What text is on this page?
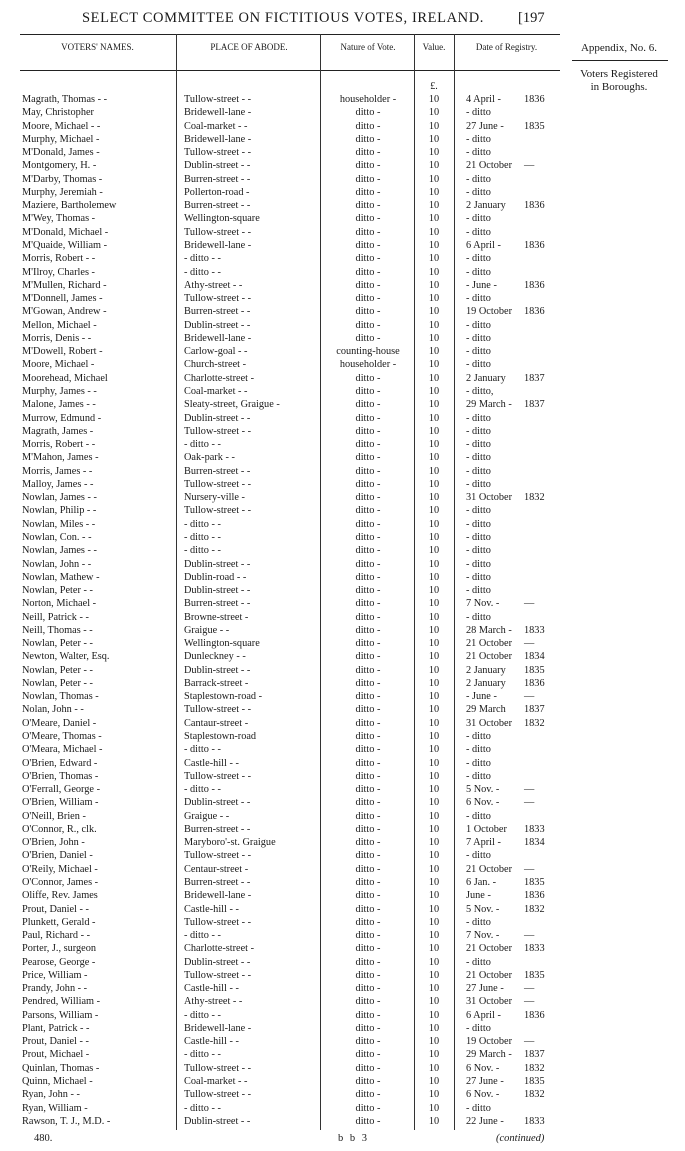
SELECT COMMITTEE ON FICTITIOUS VOTES, IRELAND. [197
VOTERS' NAMES.	PLACE OF ABODE.	Nature of Vote.	Value.	Date of Registry.
£.
Appendix, No. 6.
Voters Registered
in Boroughs.
Magrath, Thomas - -	Tullow-street - -	householder -	10	4 April - 1836
May, Christopher	Bridewell-lane -	ditto -	10	- ditto
Moore, Michael - -	Coal-market - -	ditto -	10	27 June - 1835
Murphy, Michael -	Bridewell-lane -	ditto -	10	- ditto
M'Donald, James -	Tullow-street - -	ditto -	10	- ditto
Montgomery, H. -	Dublin-street - -	ditto -	10	21 October —
M'Darby, Thomas -	Burren-street - -	ditto -	10	- ditto
Murphy, Jeremiah -	Pollerton-road -	ditto -	10	- ditto
Maziere, Bartholemew	Burren-street - -	ditto -	10	2 January 1836
M'Wey, Thomas -	Wellington-square	ditto -	10	- ditto
M'Donald, Michael -	Tullow-street - -	ditto -	10	- ditto
M'Quaide, William -	Bridewell-lane -	ditto -	10	6 April - 1836
Morris, Robert - -	- ditto - -	ditto -	10	- ditto
M'Ilroy, Charles -	- ditto - -	ditto -	10	- ditto
M'Mullen, Richard -	Athy-street - -	ditto -	10	- June -	1836
M'Donnell, James -	Tullow-street - -	ditto -	10	- ditto
M'Gowan, Andrew -	Burren-street - -	ditto -	10	19 October 1836
Mellon, Michael -	Dublin-street - -	ditto -	10	- ditto
Morris, Denis - -	Bridewell-lane -	ditto -	10	- ditto
M'Dowell, Robert -	Carlow-goal - -	counting-house	10	- ditto
Moore, Michael -	Church-street -	householder -	10	- ditto
Moorehead, Michael	Charlotte-street -	ditto -	10	2 January 1837
Murphy, James - -	Coal-market - -	ditto -	10	- ditto,
Malone, James - -	Sleaty-street, Graigue -	ditto -	10	29 March - 1837
Murrow, Edmund -	Dublin-street - -	ditto -	10	- ditto
Magrath, James -	Tullow-street - -	ditto -	10	- ditto
Morris, Robert - -	- ditto - -	ditto -	10	- ditto
M'Mahon, James -	Oak-park - -	ditto -	10	- ditto
Morris, James - -	Burren-street - -	ditto -	10	- ditto
Malloy, James - -	Tullow-street - -	ditto -	10	- ditto
Nowlan, James - -	Nursery-ville -	ditto -	10	31 October 1832
Nowlan, Philip - -	Tullow-street - -	ditto -	10	- ditto
Nowlan, Miles - -	- ditto - -	ditto -	10	- ditto
Nowlan, Con. - -	- ditto - -	ditto -	10	- ditto
Nowlan, James - -	- ditto - -	ditto -	10	- ditto
Nowlan, John - -	Dublin-street - -	ditto -	10	- ditto
Nowlan, Mathew -	Dublin-road - -	ditto -	10	- ditto
Nowlan, Peter - -	Dublin-street - -	ditto -	10	- ditto
Norton, Michael -	Burren-street - -	ditto -	10	7 Nov. - —
Neill, Patrick - -	Browne-street -	ditto -	10	- ditto
Neill, Thomas - -	Graigue - -	ditto -	10	28 March - 1833
Nowlan, Peter - -	Wellington-square	ditto -	10	21 October —
Newton, Walter, Esq.	Dunleckney - -	ditto -	10	21 October 1834
Nowlan, Peter - -	Dublin-street - -	ditto -	10	2 January 1835
Nowlan, Peter - -	Barrack-street -	ditto -	10	2 January 1836
Nowlan, Thomas -	Staplestown-road -	ditto -	10	- June -	—
Nolan, John - -	Tullow-street - -	ditto -	10	29 March 1837
O'Meare, Daniel -	Cantaur-street -	ditto -	10	31 October 1832
O'Meare, Thomas -	Staplestown-road	ditto -	10	- ditto
O'Meara, Michael -	- ditto - -	ditto -	10	- ditto
O'Brien, Edward -	Castle-hill - -	ditto -	10	- ditto
O'Brien, Thomas -	Tullow-street - -	ditto -	10	- ditto
O'Ferrall, George -	- ditto - -	ditto -	10	5 Nov. - —
O'Brien, William -	Dublin-street - -	ditto -	10	6 Nov. - —
O'Neill, Brien -	Graigue - -	ditto -	10	- ditto
O'Connor, R., clk.	Burren-street - -	ditto -	10	1 October 1833
O'Brien, John -	Maryboro'-st. Graigue	ditto -	10	7 April - 1834
O'Brien, Daniel -	Tullow-street - -	ditto -	10	- ditto
O'Reily, Michael -	Centaur-street -	ditto -	10	21 October —
O'Connor, James -	Burren-street - -	ditto -	10	6 Jan. -	1835
Oliffe, Rev. James	Bridewell-lane -	ditto -	10	June -	1836
Prout, Daniel - -	Castle-hill - -	ditto -	10	5 Nov. - 1832
Plunkett, Gerald -	Tullow-street - -	ditto -	10	- ditto
Paul, Richard - -	- ditto - -	ditto -	10	7 Nov. - —
Porter, J., surgeon	Charlotte-street -	ditto -	10	21 October 1833
Pearose, George -	Dublin-street - -	ditto -	10	- ditto
Price, William -	Tullow-street - -	ditto -	10	21 October 1835
Prandy, John - -	Castle-hill - -	ditto -	10	27 June - —
Pendred, William -	Athy-street - -	ditto -	10	31 October —
Parsons, William -	- ditto - -	ditto -	10	6 April - 1836
Plant, Patrick - -	Bridewell-lane -	ditto -	10	- ditto
Prout, Daniel - -	Castle-hill - -	ditto -	10	19 October —
Prout, Michael -	- ditto - -	ditto -	10	29 March - 1837
Quinlan, Thomas -	Tullow-street - -	ditto -	10	6 Nov. - 1832
Quinn, Michael -	Coal-market - -	ditto -	10	27 June - 1835
Ryan, John - -	Tullow-street - -	ditto -	10	6 Nov. - 1832
Ryan, William -	- ditto - -	ditto -	10	- ditto
Rawson, T. J., M.D. -	Dublin-street - -	ditto -	10	22 June - 1833
480.	b b 3	(continued)
